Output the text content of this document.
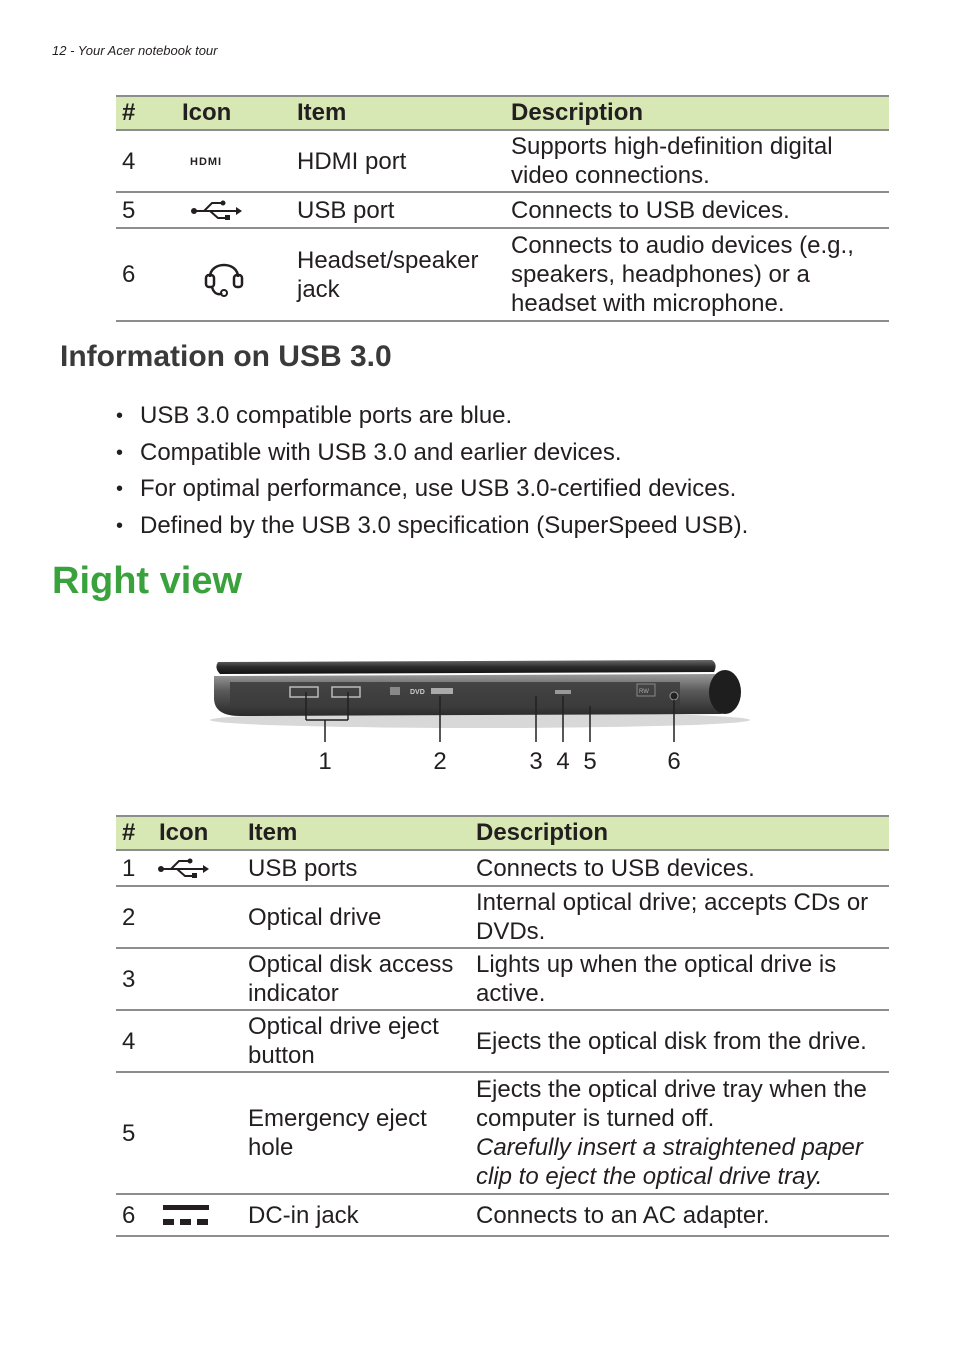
12 - Your Acer notebook tour
#	Icon	Item	Description
4	HDMI	HDMI port	Supports high-definition digital video connections.
5		USB port	Connects to USB devices.
6		Headset/speaker jack	Connects to audio devices (e.g., speakers, headphones) or a headset with microphone.
Information on USB 3.0
• USB 3.0 compatible ports are blue.
• Compatible with USB 3.0 and earlier devices.
• For optimal performance, use USB 3.0-certified devices.
• Defined by the USB 3.0 specification (SuperSpeed USB).
Right view
DVD	RW
1	2	3 4 5	6
#	Icon	Item	Description
1		USB ports	Connects to USB devices.
2		Optical drive	Internal optical drive; accepts CDs or DVDs.
3		Optical disk access indicator	Lights up when the optical drive is active.
4		Optical drive eject button	Ejects the optical disk from the drive.
5		Emergency eject hole	Ejects the optical drive tray when the computer is turned off.
Carefully insert a straightened paper clip to eject the optical drive tray.

6		DC-in jack	Connects to an AC adapter.
